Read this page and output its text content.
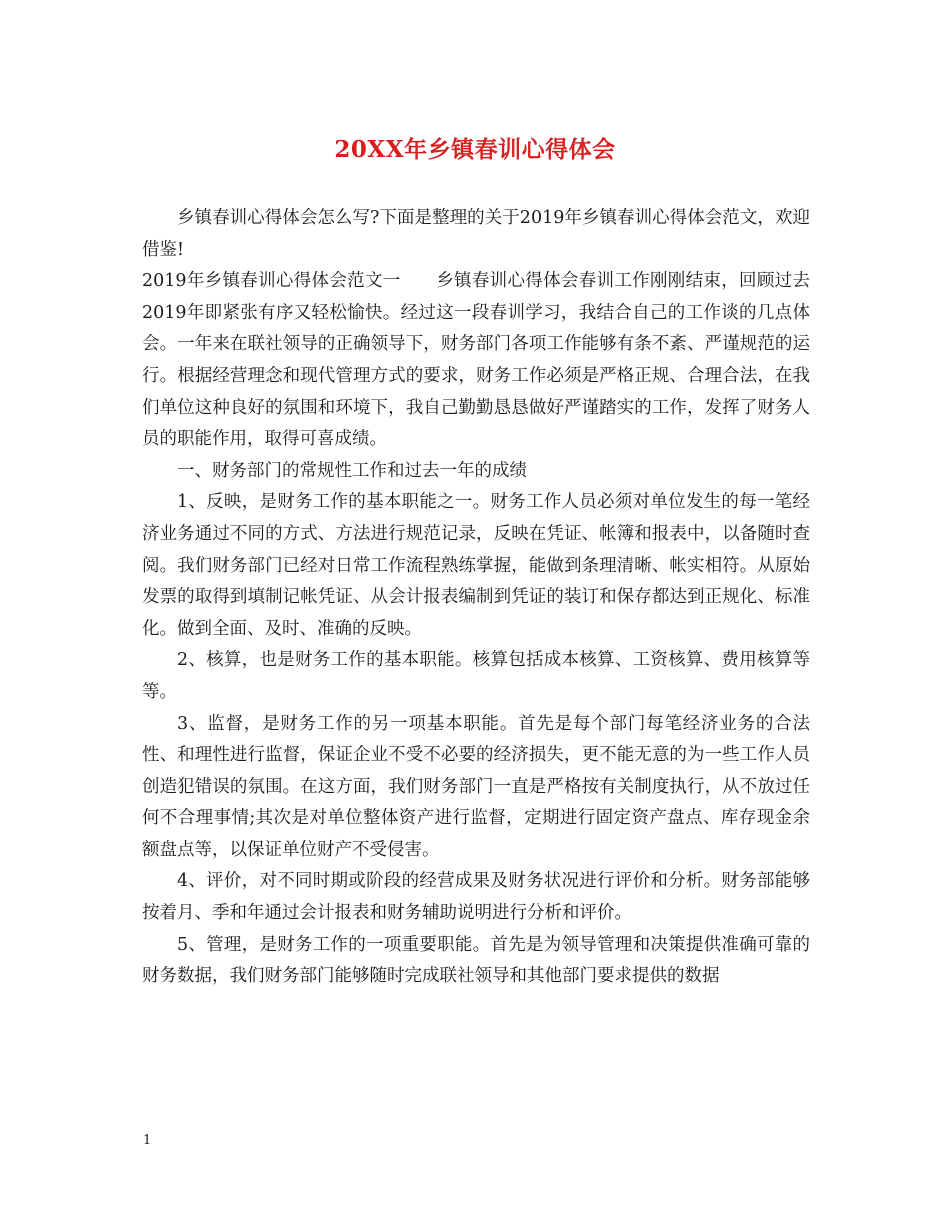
20XX年乡镇春训心得体会

乡镇春训心得体会怎么写?下面是整理的关于2019年乡镇春训心得体会范文，欢迎借鉴!

2019年乡镇春训心得体会范文一　　乡镇春训心得体会春训工作刚刚结束，回顾过去2019年即紧张有序又轻松愉快。经过这一段春训学习，我结合自己的工作谈的几点体会。一年来在联社领导的正确领导下，财务部门各项工作能够有条不紊、严谨规范的运行。根据经营理念和现代管理方式的要求，财务工作必须是严格正规、合理合法，在我们单位这种良好的氛围和环境下，我自己勤勤恳恳做好严谨踏实的工作，发挥了财务人员的职能作用，取得可喜成绩。

一、财务部门的常规性工作和过去一年的成绩

1、反映，是财务工作的基本职能之一。财务工作人员必须对单位发生的每一笔经济业务通过不同的方式、方法进行规范记录，反映在凭证、帐簿和报表中，以备随时查阅。我们财务部门已经对日常工作流程熟练掌握，能做到条理清晰、帐实相符。从原始发票的取得到填制记帐凭证、从会计报表编制到凭证的装订和保存都达到正规化、标准化。做到全面、及时、准确的反映。

2、核算，也是财务工作的基本职能。核算包括成本核算、工资核算、费用核算等等。

3、监督，是财务工作的另一项基本职能。首先是每个部门每笔经济业务的合法性、和理性进行监督，保证企业不受不必要的经济损失，更不能无意的为一些工作人员创造犯错误的氛围。在这方面，我们财务部门一直是严格按有关制度执行，从不放过任何不合理事情;其次是对单位整体资产进行监督，定期进行固定资产盘点、库存现金余额盘点等，以保证单位财产不受侵害。

4、评价，对不同时期或阶段的经营成果及财务状况进行评价和分析。财务部能够按着月、季和年通过会计报表和财务辅助说明进行分析和评价。

5、管理，是财务工作的一项重要职能。首先是为领导管理和决策提供准确可靠的财务数据，我们财务部门能够随时完成联社领导和其他部门要求提供的数据

1
